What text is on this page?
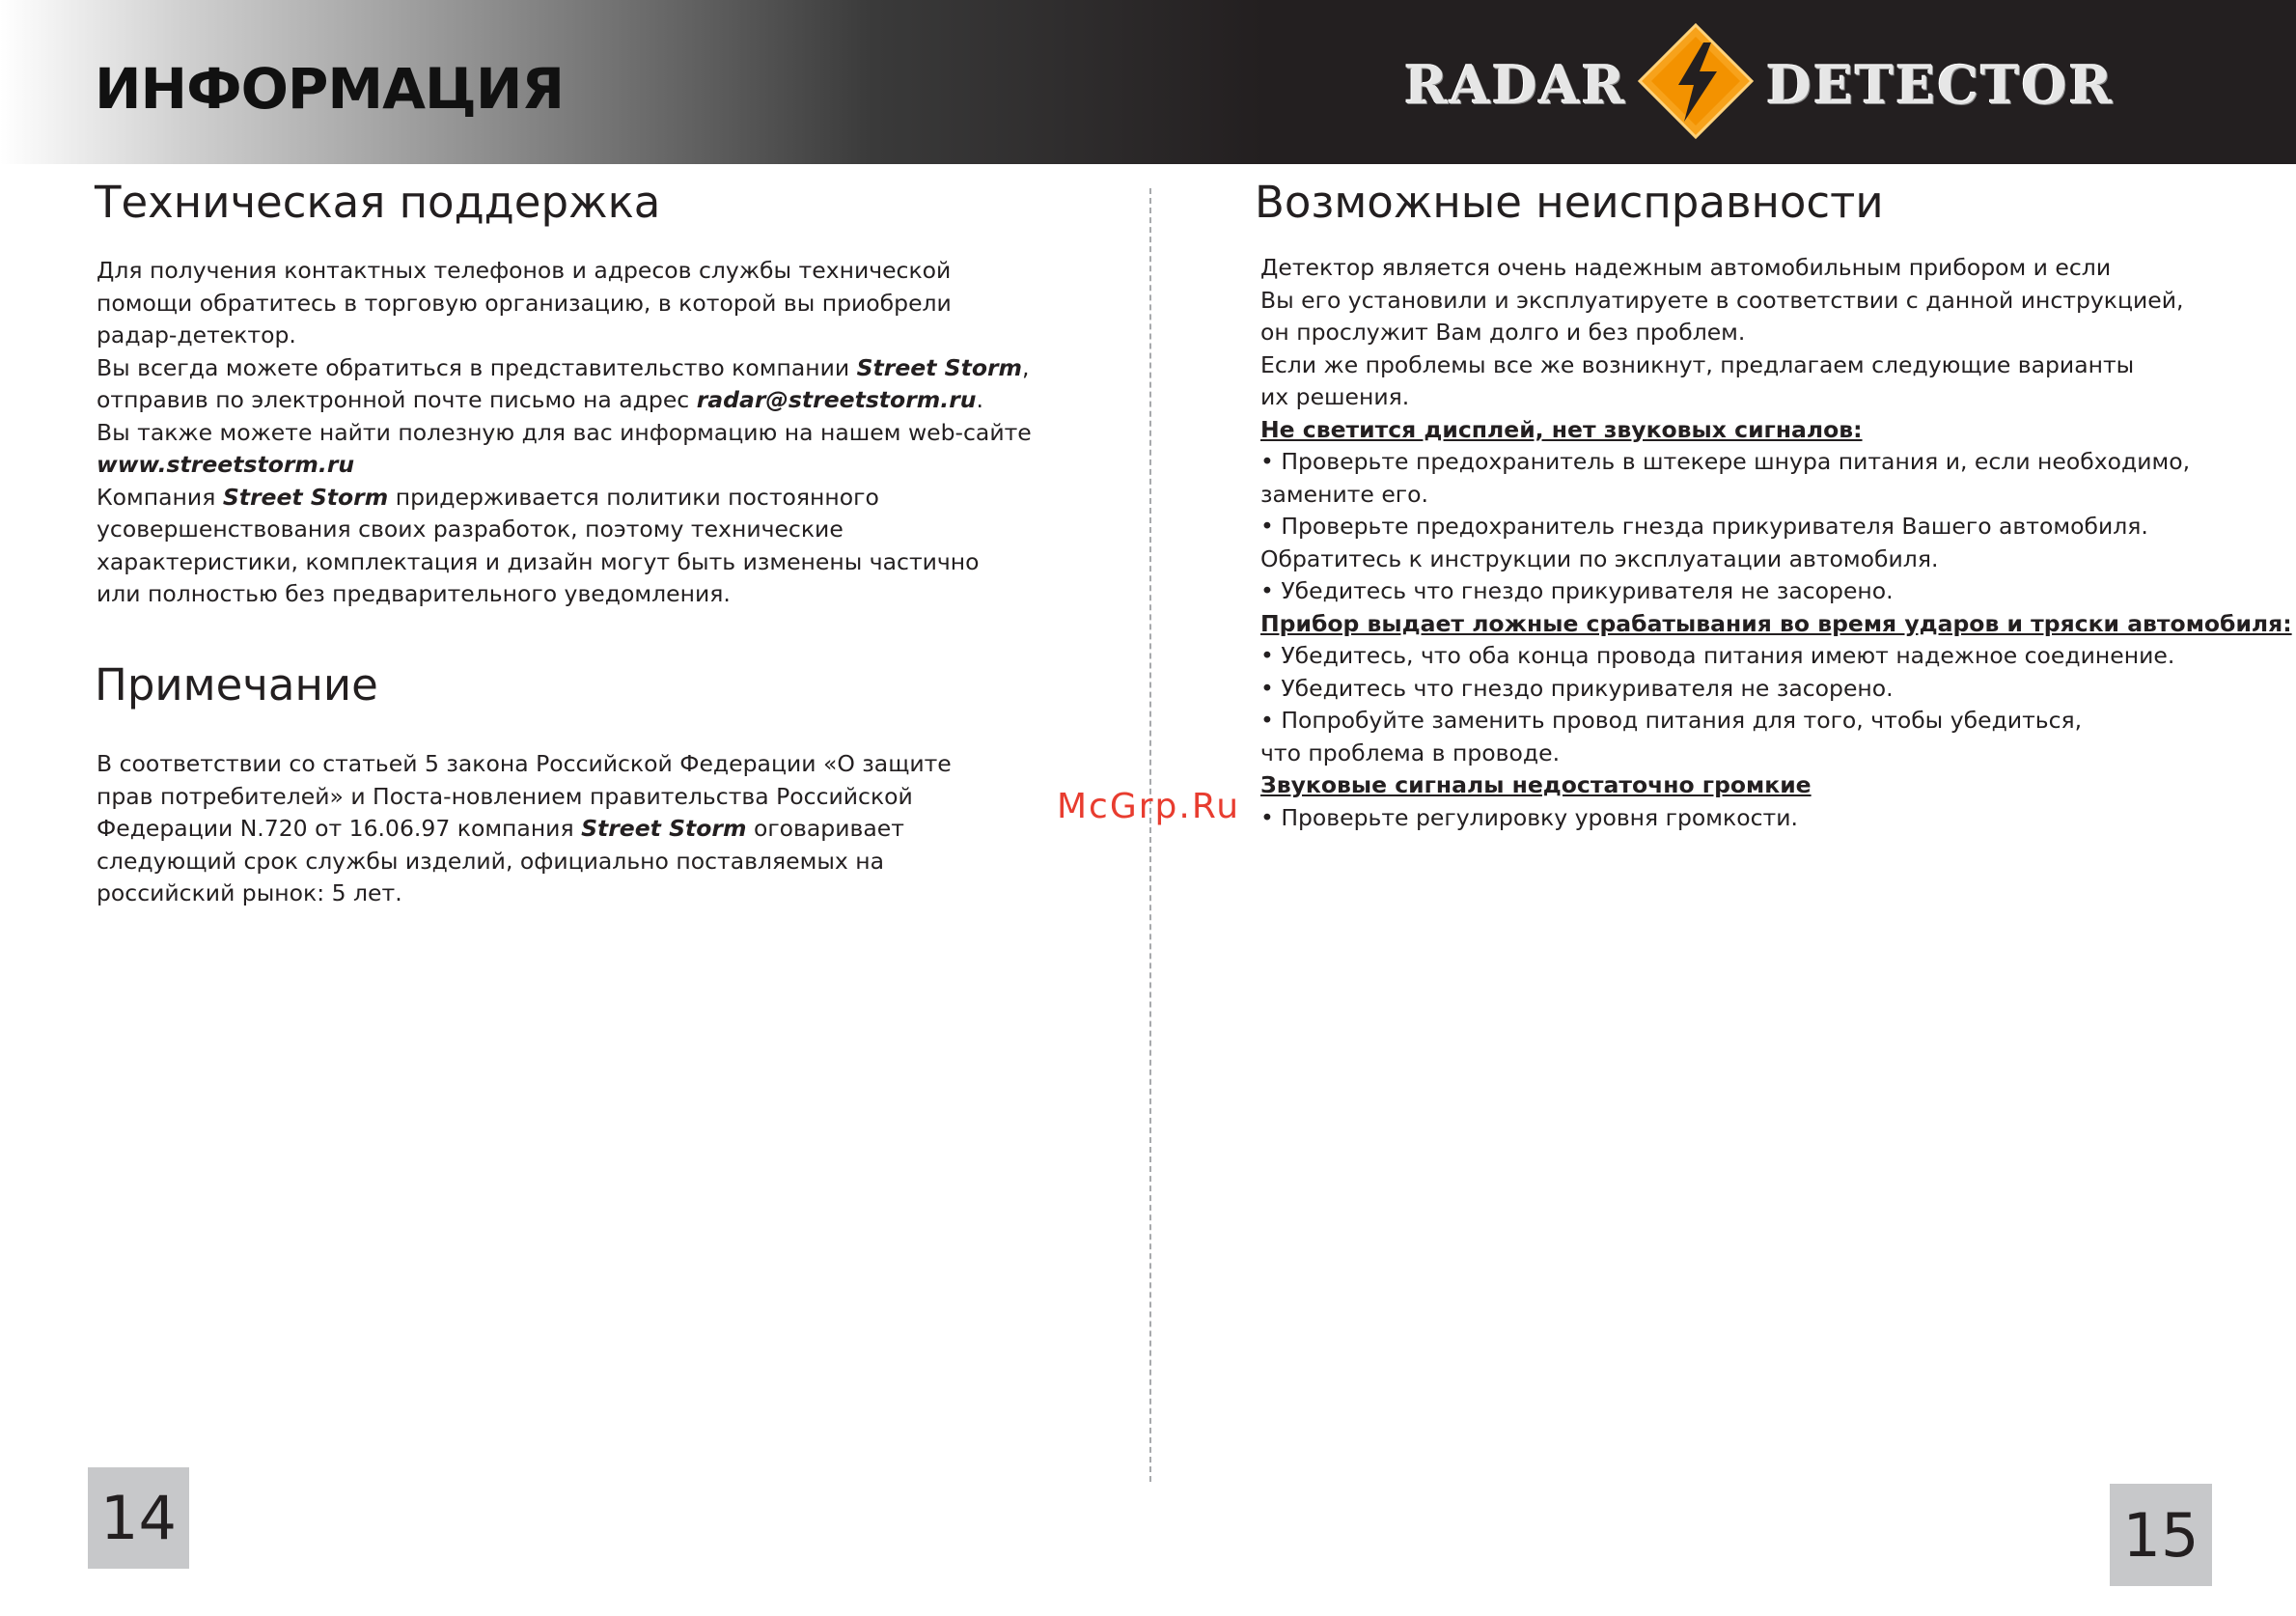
ИНФОРМАЦИЯ	RADAR	DETECTOR
Техническая поддержка
Для получения контактных телефонов и адресов службы технической
помощи обратитесь в торговую организацию, в которой вы приобрели
радар-детектор.
Вы всегда можете обратиться в представительство компании Street Storm,
отправив по электронной почте письмо на адрес radar@streetstorm.ru.
Вы также можете найти полезную для вас информацию на нашем web-сайте
www.streetstorm.ru
Компания Street Storm придерживается политики постоянного
усовершенствования своих разработок, поэтому технические
характеристики, комплектация и дизайн могут быть изменены частично
или полностью без предварительного уведомления.
Примечание
В соответствии со статьей 5 закона Российской Федерации «О защите
прав потребителей» и Поста-новлением правительства Российской
Федерации N.720 от 16.06.97 компания Street Storm оговаривает
следующий срок службы изделий, официально поставляемых на
российский рынок: 5 лет.
14
Возможные неисправности
Детектор является очень надежным автомобильным прибором и если
Вы его установили и эксплуатируете в соответствии с данной инструкцией,
он прослужит Вам долго и без проблем.
Если же проблемы все же возникнут, предлагаем следующие варианты
их решения.
Не светится дисплей, нет звуковых сигналов:
• Проверьте предохранитель в штекере шнура питания и, если необходимо,
замените его.
• Проверьте предохранитель гнезда прикуривателя Вашего автомобиля.
Обратитесь к инструкции по эксплуатации автомобиля.
• Убедитесь что гнездо прикуривателя не засорено.
Прибор выдает ложные срабатывания во время ударов и тряски автомобиля:
• Убедитесь, что оба конца провода питания имеют надежное соединение.
• Убедитесь что гнездо прикуривателя не засорено.
• Попробуйте заменить провод питания для того, чтобы убедиться,
что проблема в проводе.
Звуковые сигналы недостаточно громкие
• Проверьте регулировку уровня громкости.
15
McGrp.Ru
